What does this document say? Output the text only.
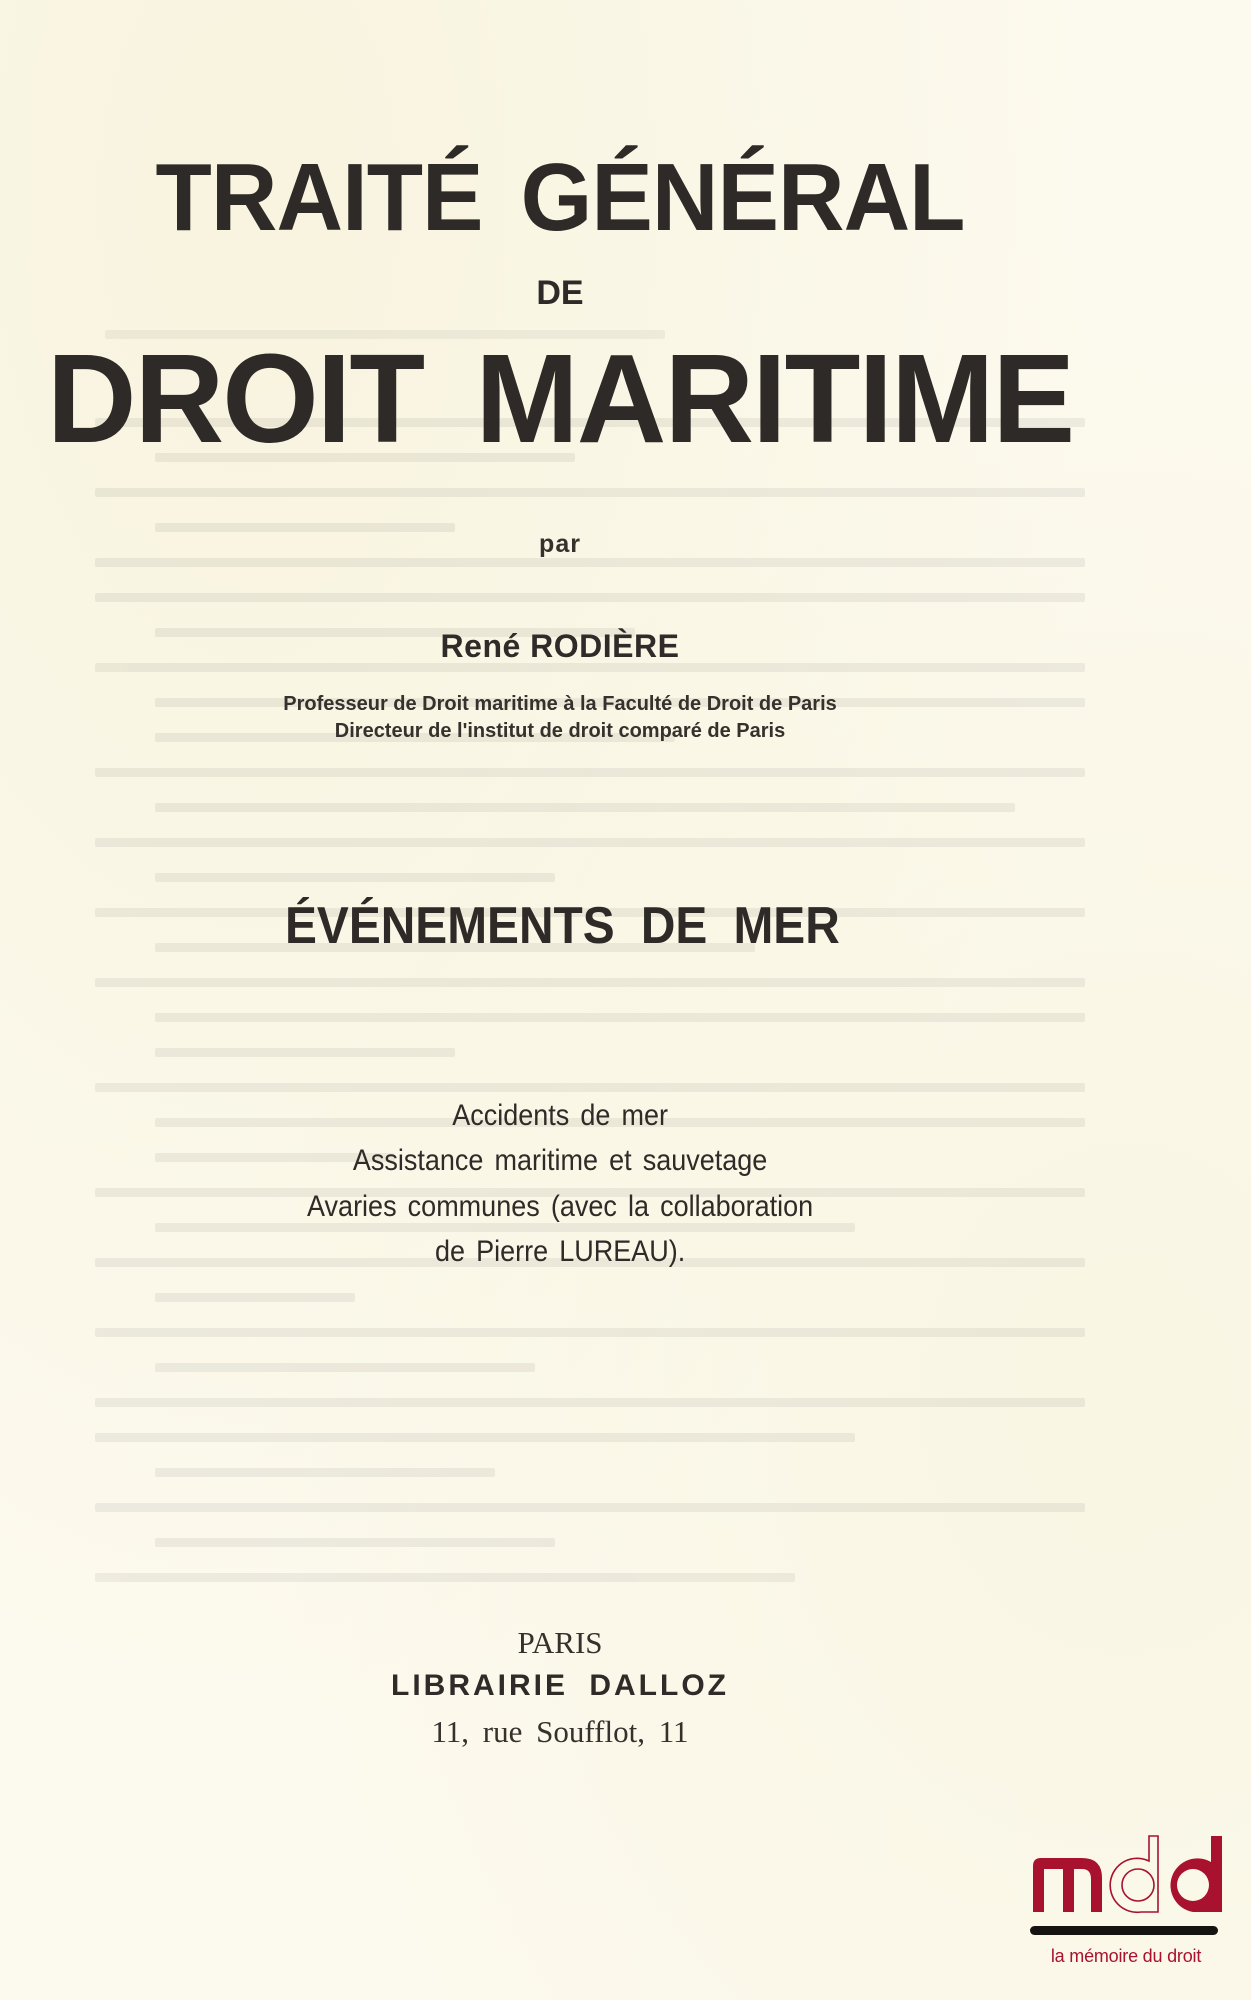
TRAITÉ GÉNÉRAL
DE
DROIT MARITIME
par
René RODIÈRE
Professeur de Droit maritime à la Faculté de Droit de Paris
Directeur de l'institut de droit comparé de Paris
ÉVÉNEMENTS DE MER
Accidents de mer
Assistance maritime et sauvetage
Avaries communes (avec la collaboration
de Pierre LUREAU).
PARIS
LIBRAIRIE DALLOZ
11, rue Soufflot, 11
la mémoire du droit
